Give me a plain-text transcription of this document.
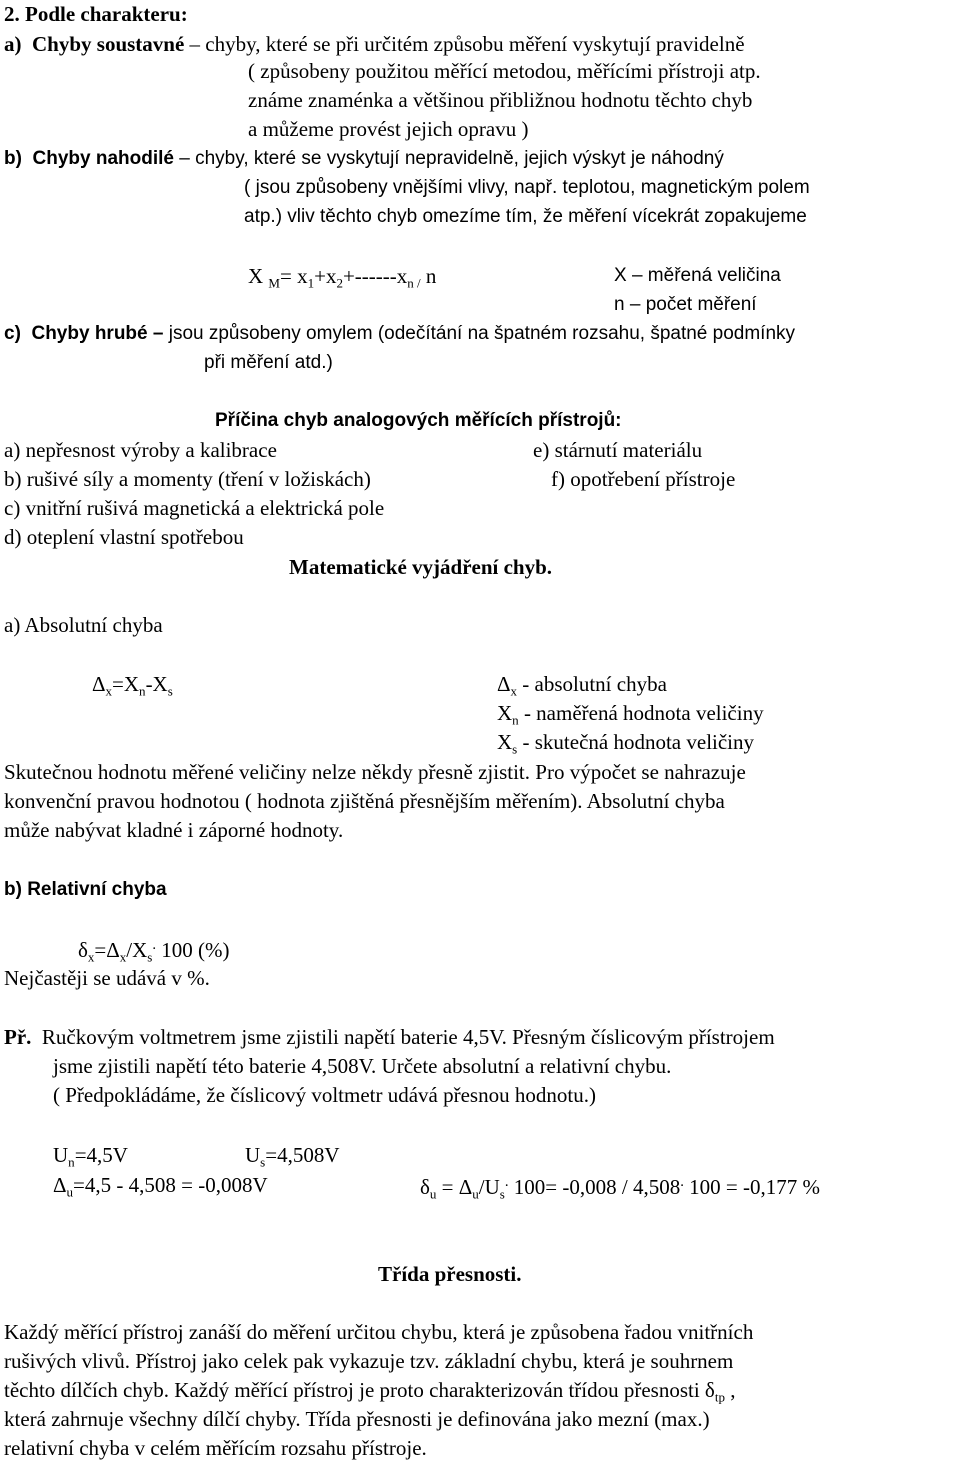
2. Podle charakteru:
a) Chyby soustavné – chyby, které se při určitém způsobu měření vyskytují pravidelně
( způsobeny použitou měřící metodou, měřícími přístroji atp.
známe znaménka a většinou přibližnou hodnotu těchto chyb
a můžeme provést jejich opravu )
b) Chyby nahodilé – chyby, které se vyskytují nepravidelně, jejich výskyt je náhodný
( jsou způsobeny vnějšími vlivy, např. teplotou, magnetickým polem
atp.) vliv těchto chyb omezíme tím, že měření vícekrát zopakujeme
X $_M= x_1+x_2+------x_{n /}$ n	X – měřená veličina
n – počet měření
c) Chyby hrubé – jsou způsobeny omylem (odečítání na špatném rozsahu, špatné podmínky
při měření atd.)
Příčina chyb analogových měřících přístrojů:
a) nepřesnost výroby a kalibrace	e) stárnutí materiálu
b) rušivé síly a momenty (tření v ložiskách)	f) opotřebení přístroje
c) vnitřní rušivá magnetická a elektrická pole
d) oteplení vlastní spotřebou
Matematické vyjádření chyb.
a) Absolutní chyba
$\Delta_x=X_n-X_s$	$\Delta_x$ - absolutní chyba
$X_n$ - naměřená hodnota veličiny
$X_s$ - skutečná hodnota veličiny
Skutečnou hodnotu měřené veličiny nelze někdy přesně zjistit. Pro výpočet se nahrazuje
konvenční pravou hodnotou ( hodnota zjištěná přesnějším měřením). Absolutní chyba
může nabývat kladné i záporné hodnoty.
b) Relativní chyba
$\delta_x=\Delta_x/X_s^.$ 100 (%)
Nejčastěji se udává v %.
Př. Ručkovým voltmetrem jsme zjistili napětí baterie 4,5V. Přesným číslicovým přístrojem
jsme zjistili napětí této baterie 4,508V. Určete absolutní a relativní chybu.
( Předpokládáme, že číslicový voltmetr udává přesnou hodnotu.)
$U_n=4,5V$	$U_s=4,508V$
$\Delta_u=4,5 - 4,508 = -0,008V$	$\delta_u = \Delta_u/U_s^.$ 100= -0,008 / 4,508. 100 = -0,177 %
Třída přesnosti.
Každý měřící přístroj zanáší do měření určitou chybu, která je způsobena řadou vnitřních
rušivých vlivů. Přístroj jako celek pak vykazuje tzv. základní chybu, která je souhrnem
těchto dílčích chyb. Každý měřící přístroj je proto charakterizován třídou přesnosti $\delta_{tp}$ ,
která zahrnuje všechny dílčí chyby. Třída přesnosti je definována jako mezní (max.)
relativní chyba v celém měřícím rozsahu přístroje.
